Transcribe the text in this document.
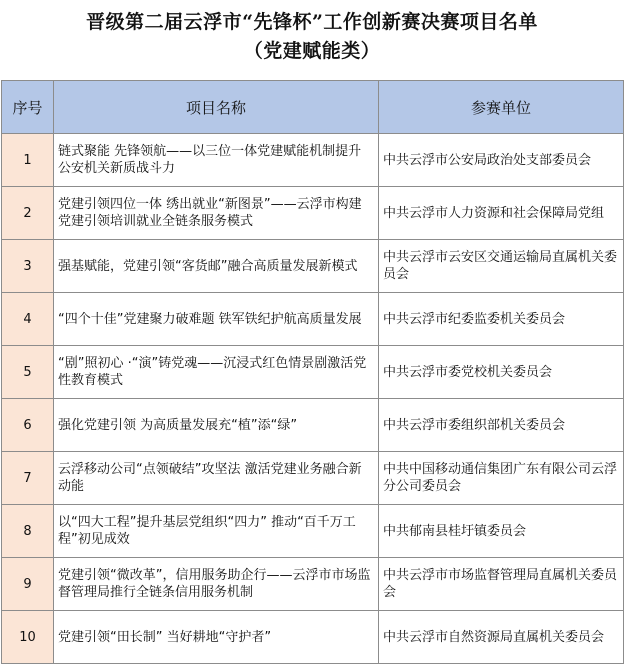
晋级第二届云浮市“先锋杯”工作创新赛决赛项目名单
（党建赋能类）
序号	项目名称	参赛单位
1	链式聚能 先锋领航——以三位一体党建赋能机制提升公安机关新质战斗力	中共云浮市公安局政治处支部委员会
2	党建引领四位一体 绣出就业“新图景”——云浮市构建党建引领培训就业全链条服务模式	中共云浮市人力资源和社会保障局党组
3	强基赋能，党建引领“客货邮”融合高质量发展新模式	中共云浮市云安区交通运输局直属机关委员会
4	“四个十佳”党建聚力破难题 铁军铁纪护航高质量发展	中共云浮市纪委监委机关委员会
5	“剧”照初心 ·“演”铸党魂——沉浸式红色情景剧激活党性教育模式	中共云浮市委党校机关委员会
6	强化党建引领 为高质量发展充“植”添“绿”	中共云浮市委组织部机关委员会
7	云浮移动公司“点领破结”攻坚法 激活党建业务融合新动能	中共中国移动通信集团广东有限公司云浮分公司委员会
8	以“四大工程”提升基层党组织“四力” 推动“百千万工程”初见成效	中共郁南县桂圩镇委员会
9	党建引领“微改革”，信用服务助企行——云浮市市场监督管理局推行全链条信用服务机制	中共云浮市市场监督管理局直属机关委员会
10	党建引领“田长制” 当好耕地“守护者”	中共云浮市自然资源局直属机关委员会
